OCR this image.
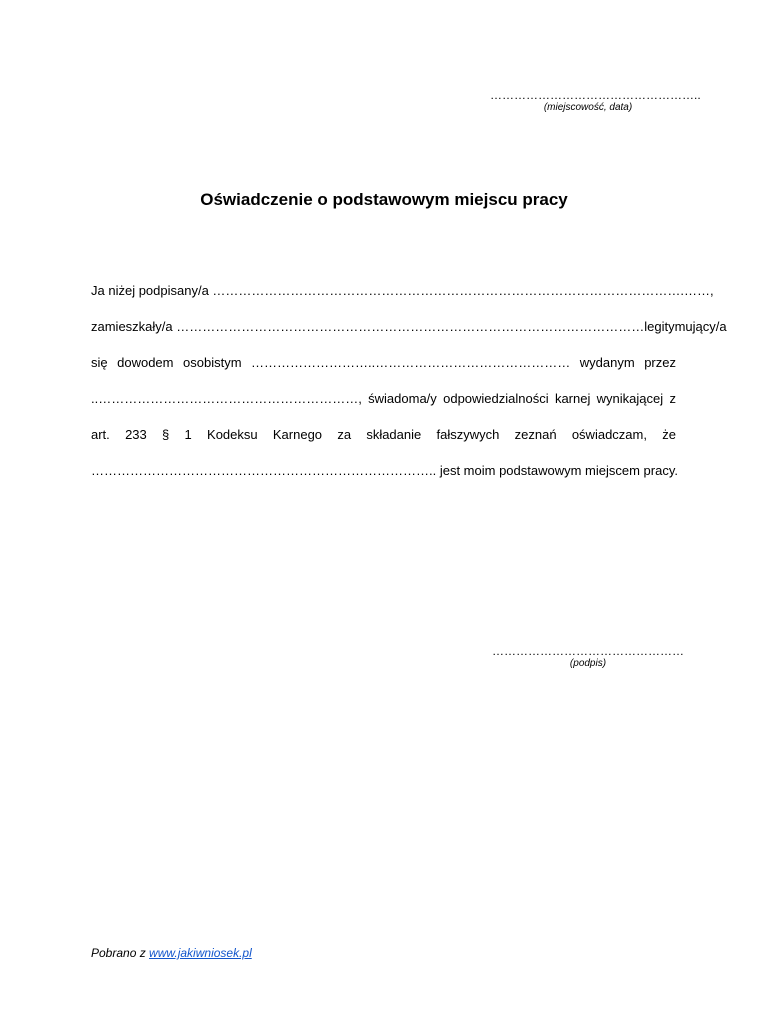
……………………………………………..
(miejscowość, data)
Oświadczenie o podstawowym miejscu pracy
Ja niżej podpisany/a ……………………………………………………………………………………………….……,
zamieszkały/a ……………………………………………………………………………………………… legitymujący/a
się dowodem osobistym ………………………..……………………………………… wydanym przez
..……………………………………………………, świadoma/y odpowiedzialności karnej wynikającej z
art. 233 § 1 Kodeksu Karnego za składanie fałszywych zeznań oświadczam, że
…………………………………………………………………….. jest moim podstawowym miejscem pracy.
…………………………………………
(podpis)
Pobrano z www.jakiwniosek.pl
